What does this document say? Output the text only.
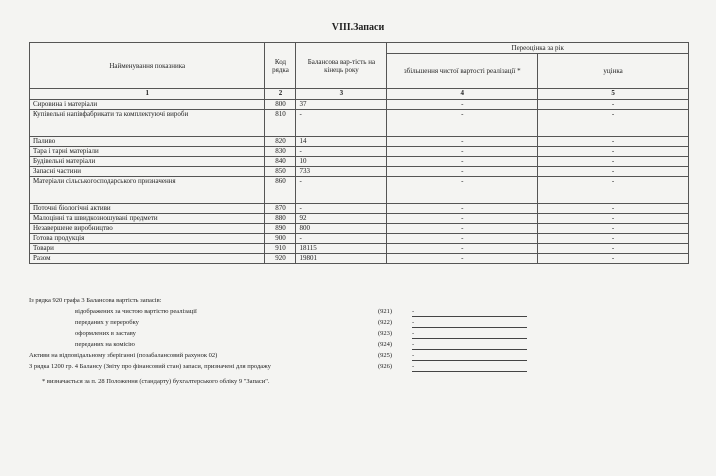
VIII.Запаси
Найменування показника	Код рядка	Балансова вар-тість на кінець року	Переоцінка за рік	
			збільшення чистої вартості реалізації *	уцінка
1	2	3	4	5
Сировина і матеріали	800	37	-	-
Купівельні напівфабрикати та комплектуючі вироби	810	-	-	-
Паливо	820	14	-	-
Тара і тарні матеріали	830	-	-	-
Будівельні матеріали	840	10	-	-
Запасні частини	850	733	-	-
Матеріали сільськогосподарського призначення	860	-	-	-
Поточні біологічні активи	870	-	-	-
Малоцінні та швидкозношувані предмети	880	92	-	-
Незавершене виробництво	890	800	-	-
Готова продукція	900	-	-	-
Товари	910	18115	-	-
Разом	920	19801	-	-
Із рядка 920 графа 3 Балансова вартість запасів:
відображених за чистою вартістю реалізації	(921)	-
переданих у переробку	(922)	-
оформлених в заставу	(923)	-
переданих на комісію	(924)	-
Активи на відповідальному зберіганні (позабалансовий рахунок 02)	(925)	-
З рядка 1200 гр. 4 Балансу (Звіту про фінансовий стан) запаси, призначені для продажу	(926)	-
* визначається за п. 28 Положення (стандарту) бухгалтерського обліку 9 "Запаси".
